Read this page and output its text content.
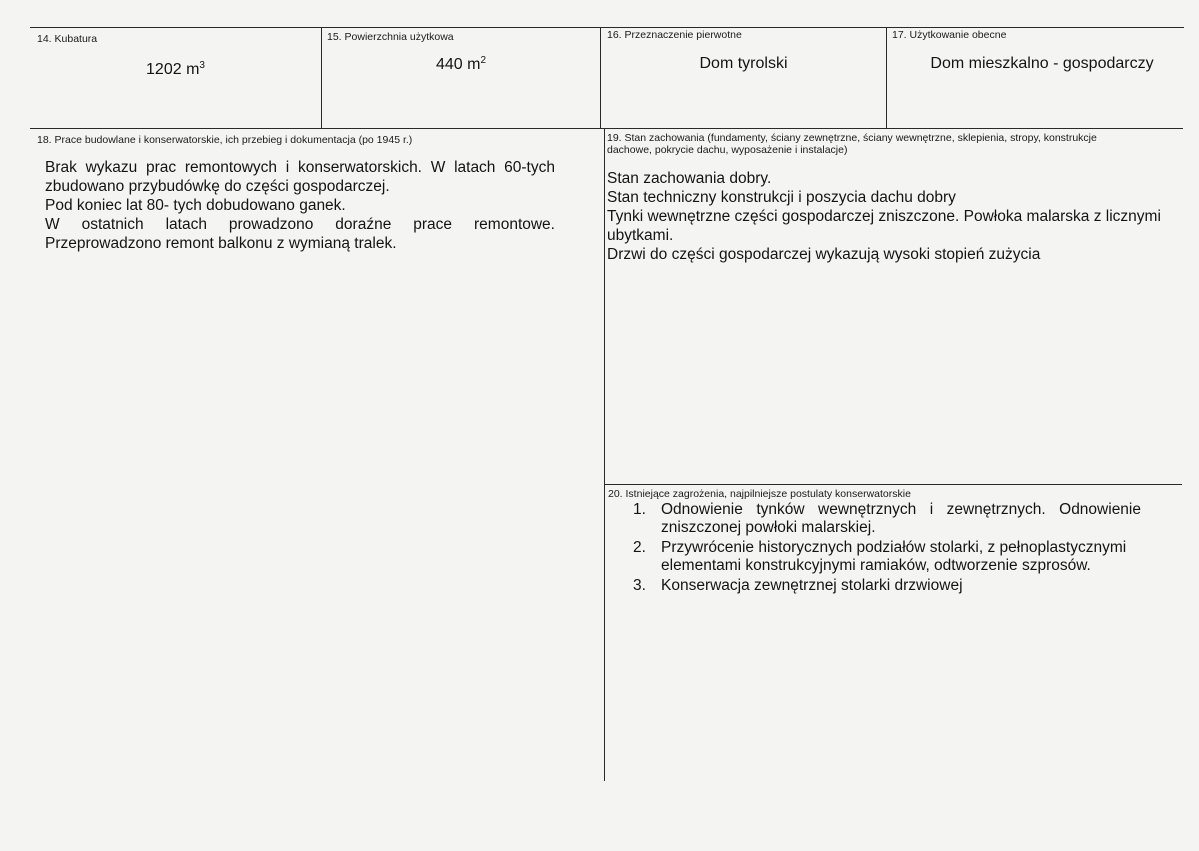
14. Kubatura
1202 $m^3$
15. Powierzchnia użytkowa
440 $m^2$
16. Przeznaczenie pierwotne
Dom tyrolski
17. Użytkowanie obecne
Dom mieszkalno - gospodarczy
18. Prace budowlane i konserwatorskie, ich przebieg i dokumentacja (po 1945 r.)

Brak wykazu prac remontowych i konserwatorskich. W latach 60-tych zbudowano przybudówkę do części gospodarczej.

Pod koniec lat 80- tych dobudowano ganek.

W ostatnich latach prowadzono doraźne prace remontowe.

Przeprowadzono remont balkonu z wymianą tralek.

19. Stan zachowania (fundamenty, ściany zewnętrzne, ściany wewnętrzne, sklepienia, stropy, konstrukcje dachowe, pokrycie dachu, wyposażenie i instalacje)

Stan zachowania dobry.

Stan techniczny konstrukcji i poszycia dachu dobry

Tynki wewnętrzne części gospodarczej zniszczone. Powłoka malarska z licznymi ubytkami.

Drzwi do części gospodarczej wykazują wysoki stopień zużycia

20. Istniejące zagrożenia, najpilniejsze postulaty konserwatorskie
1. Odnowienie tynków wewnętrznych i zewnętrznych. Odnowienie zniszczonej powłoki malarskiej.
2. Przywrócenie historycznych podziałów stolarki, z pełnoplastycznymi elementami konstrukcyjnymi ramiaków, odtworzenie szprosów.
3. Konserwacja zewnętrznej stolarki drzwiowej
